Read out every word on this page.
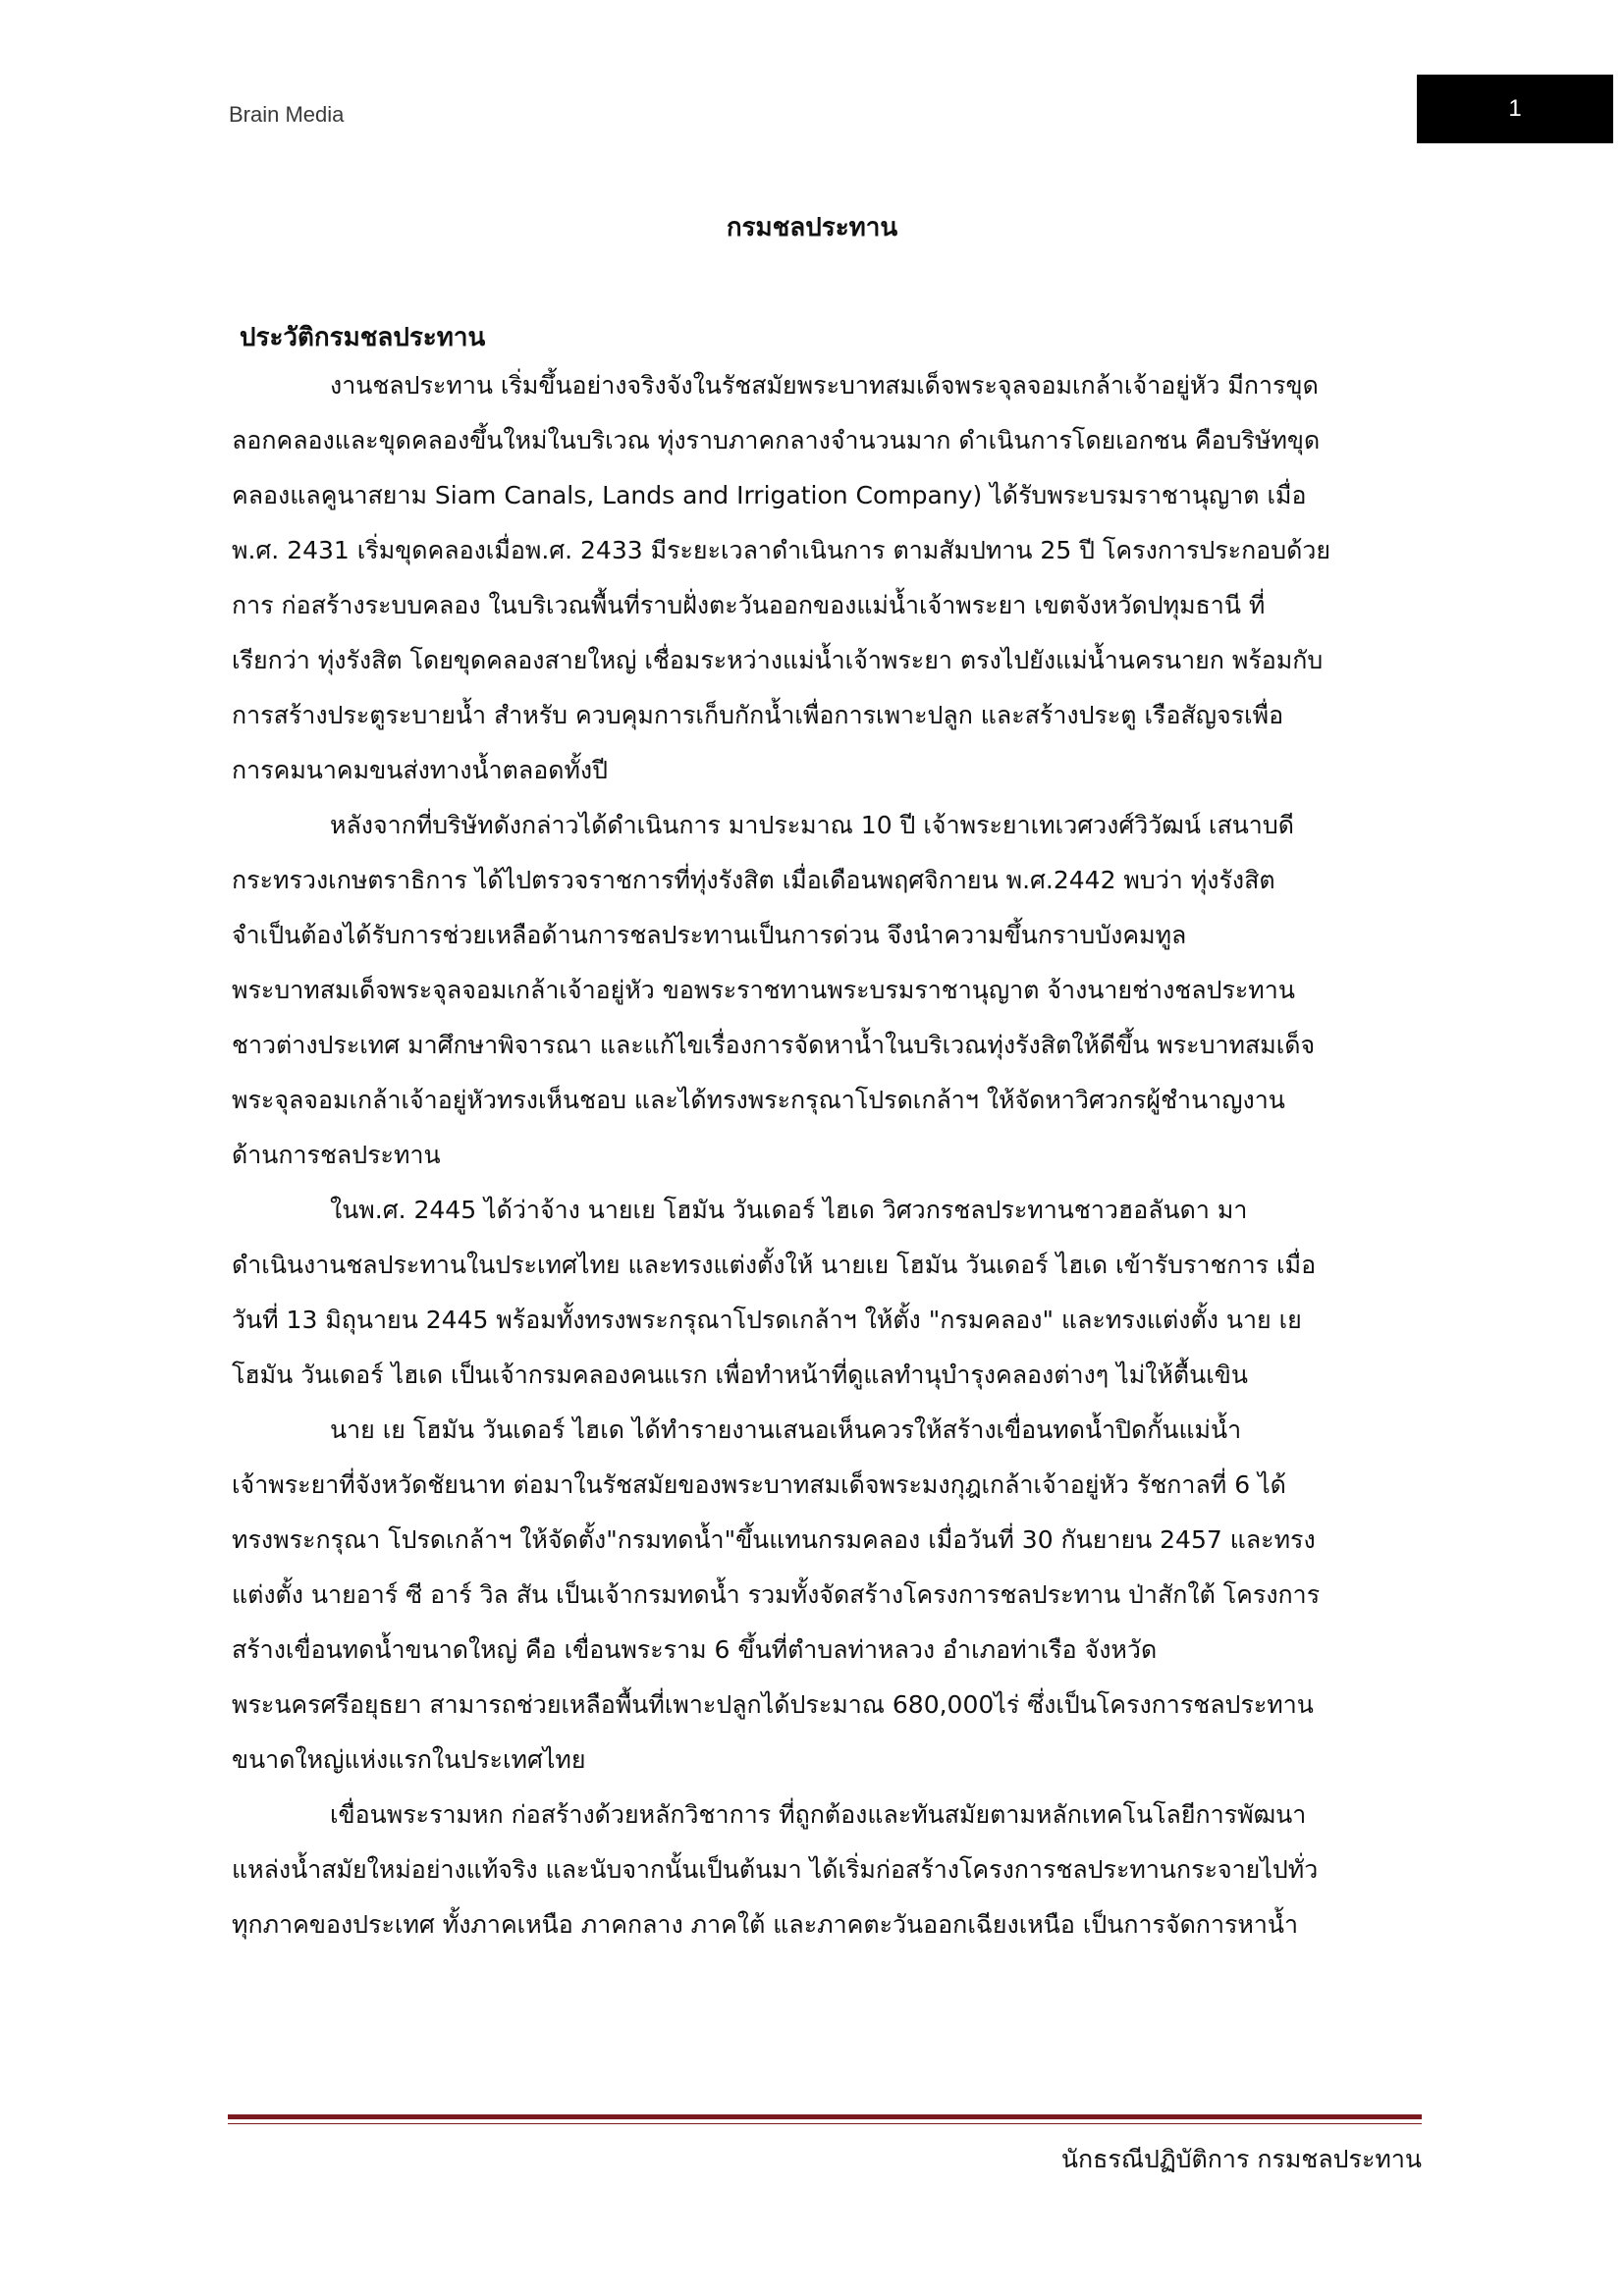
Brain Media	1
กรมชลประทาน
ประวัติกรมชลประทาน
งานชลประทาน เริ่มขึ้นอย่างจริงจังในรัชสมัยพระบาทสมเด็จพระจุลจอมเกล้าเจ้าอยู่หัว มีการขุด
ลอกคลองและขุดคลองขึ้นใหม่ในบริเวณ ทุ่งราบภาคกลางจำนวนมาก ดำเนินการโดยเอกชน คือบริษัทขุด
คลองแลคูนาสยาม Siam Canals, Lands and Irrigation Company) ได้รับพระบรมราชานุญาต เมื่อ
พ.ศ. 2431 เริ่มขุดคลองเมื่อพ.ศ. 2433 มีระยะเวลาดำเนินการ ตามสัมปทาน 25 ปี โครงการประกอบด้วย
การ ก่อสร้างระบบคลอง ในบริเวณพื้นที่ราบฝั่งตะวันออกของแม่น้ำเจ้าพระยา เขตจังหวัดปทุมธานี ที่
เรียกว่า ทุ่งรังสิต โดยขุดคลองสายใหญ่ เชื่อมระหว่างแม่น้ำเจ้าพระยา ตรงไปยังแม่น้ำนครนายก พร้อมกับ
การสร้างประตูระบายน้ำ สำหรับ ควบคุมการเก็บกักน้ำเพื่อการเพาะปลูก และสร้างประตู เรือสัญจรเพื่อ
การคมนาคมขนส่งทางน้ำตลอดทั้งปี
หลังจากที่บริษัทดังกล่าวได้ดำเนินการ มาประมาณ 10 ปี เจ้าพระยาเทเวศวงศ์วิวัฒน์ เสนาบดี
กระทรวงเกษตราธิการ ได้ไปตรวจราชการที่ทุ่งรังสิต เมื่อเดือนพฤศจิกายน พ.ศ.2442 พบว่า ทุ่งรังสิต
จำเป็นต้องได้รับการช่วยเหลือด้านการชลประทานเป็นการด่วน จึงนำความขึ้นกราบบังคมทูล
พระบาทสมเด็จพระจุลจอมเกล้าเจ้าอยู่หัว ขอพระราชทานพระบรมราชานุญาต จ้างนายช่างชลประทาน
ชาวต่างประเทศ มาศึกษาพิจารณา และแก้ไขเรื่องการจัดหาน้ำในบริเวณทุ่งรังสิตให้ดีขึ้น พระบาทสมเด็จ
พระจุลจอมเกล้าเจ้าอยู่หัวทรงเห็นชอบ และได้ทรงพระกรุณาโปรดเกล้าฯ ให้จัดหาวิศวกรผู้ชำนาญงาน
ด้านการชลประทาน
ในพ.ศ. 2445 ได้ว่าจ้าง นายเย โฮมัน วันเดอร์ ไฮเด วิศวกรชลประทานชาวฮอลันดา มา
ดำเนินงานชลประทานในประเทศไทย และทรงแต่งตั้งให้ นายเย โฮมัน วันเดอร์ ไฮเด เข้ารับราชการ เมื่อ
วันที่ 13 มิถุนายน 2445 พร้อมทั้งทรงพระกรุณาโปรดเกล้าฯ ให้ตั้ง "กรมคลอง" และทรงแต่งตั้ง นาย เย
โฮมัน วันเดอร์ ไฮเด เป็นเจ้ากรมคลองคนแรก เพื่อทำหน้าที่ดูแลทำนุบำรุงคลองต่างๆ ไม่ให้ตื้นเขิน
นาย เย โฮมัน วันเดอร์ ไฮเด ได้ทำรายงานเสนอเห็นควรให้สร้างเขื่อนทดน้ำปิดกั้นแม่น้ำ
เจ้าพระยาที่จังหวัดชัยนาท ต่อมาในรัชสมัยของพระบาทสมเด็จพระมงกุฎเกล้าเจ้าอยู่หัว รัชกาลที่ 6 ได้
ทรงพระกรุณา โปรดเกล้าฯ ให้จัดตั้ง"กรมทดน้ำ"ขึ้นแทนกรมคลอง เมื่อวันที่ 30 กันยายน 2457 และทรง
แต่งตั้ง นายอาร์ ซี อาร์ วิล สัน เป็นเจ้ากรมทดน้ำ รวมทั้งจัดสร้างโครงการชลประทาน ป่าสักใต้ โครงการ
สร้างเขื่อนทดน้ำขนาดใหญ่ คือ เขื่อนพระราม 6 ขึ้นที่ตำบลท่าหลวง อำเภอท่าเรือ จังหวัด
พระนครศรีอยุธยา สามารถช่วยเหลือพื้นที่เพาะปลูกได้ประมาณ 680,000ไร่ ซึ่งเป็นโครงการชลประทาน
ขนาดใหญ่แห่งแรกในประเทศไทย
เขื่อนพระรามหก ก่อสร้างด้วยหลักวิชาการ ที่ถูกต้องและทันสมัยตามหลักเทคโนโลยีการพัฒนา
แหล่งน้ำสมัยใหม่อย่างแท้จริง และนับจากนั้นเป็นต้นมา ได้เริ่มก่อสร้างโครงการชลประทานกระจายไปทั่ว
ทุกภาคของประเทศ ทั้งภาคเหนือ ภาคกลาง ภาคใต้ และภาคตะวันออกเฉียงเหนือ เป็นการจัดการหาน้ำ
นักธรณีปฏิบัติการ กรมชลประทาน
